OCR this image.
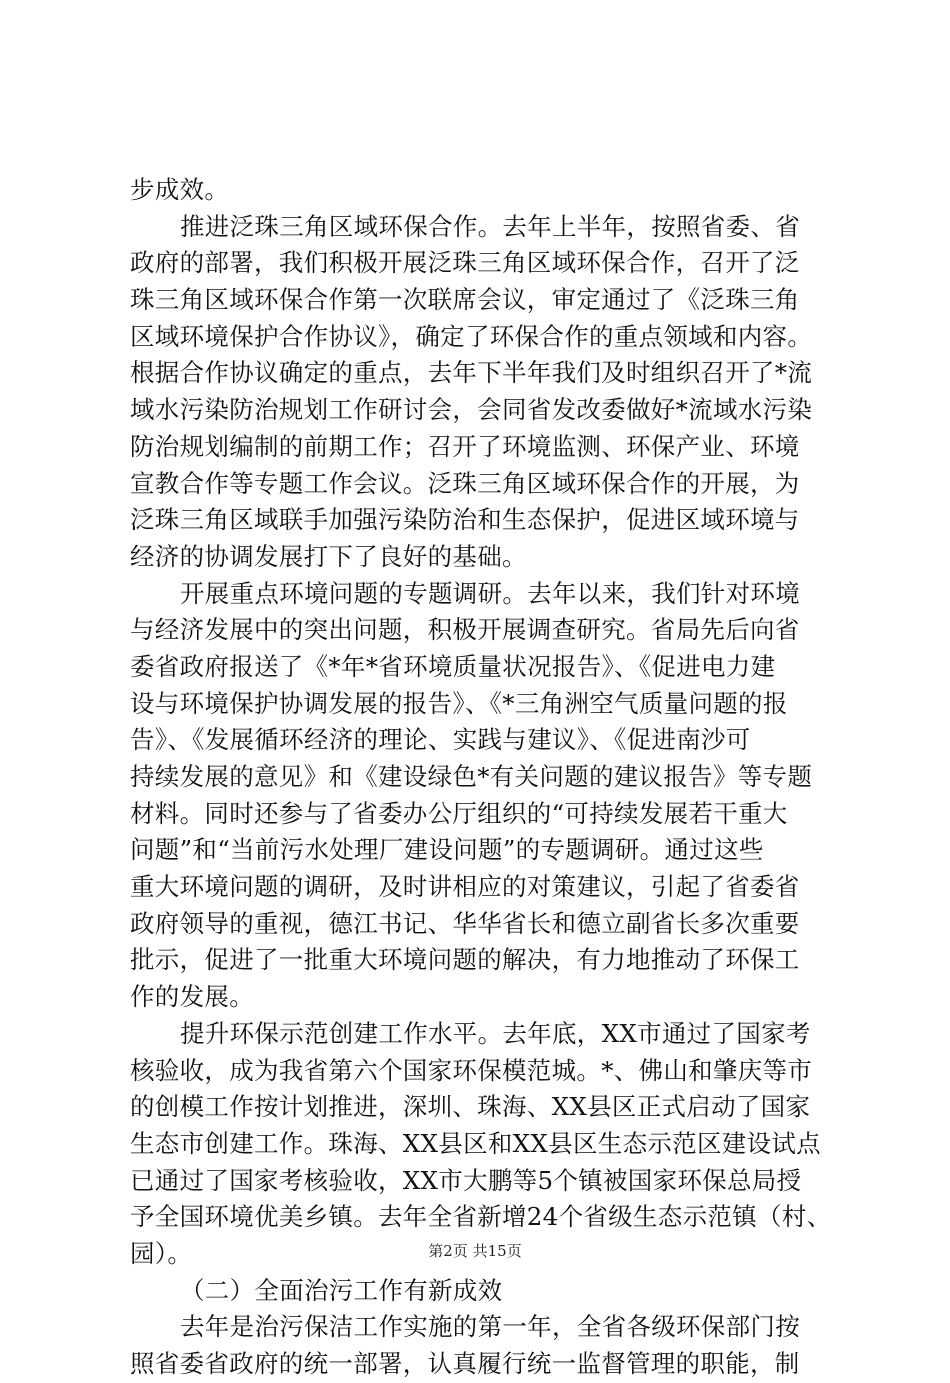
步成效。
推进泛珠三角区域环保合作。去年上半年，按照省委、省
政府的部署，我们积极开展泛珠三角区域环保合作，召开了泛
珠三角区域环保合作第一次联席会议，审定通过了《泛珠三角
区域环境保护合作协议》，确定了环保合作的重点领域和内容。
根据合作协议确定的重点，去年下半年我们及时组织召开了*流
域水污染防治规划工作研讨会，会同省发改委做好*流域水污染
防治规划编制的前期工作；召开了环境监测、环保产业、环境
宣教合作等专题工作会议。泛珠三角区域环保合作的开展，为
泛珠三角区域联手加强污染防治和生态保护，促进区域环境与
经济的协调发展打下了良好的基础。
开展重点环境问题的专题调研。去年以来，我们针对环境
与经济发展中的突出问题，积极开展调查研究。省局先后向省
委省政府报送了《*年*省环境质量状况报告》、《促进电力建
设与环境保护协调发展的报告》、《*三角洲空气质量问题的报
告》、《发展循环经济的理论、实践与建议》、《促进南沙可
持续发展的意见》和《建设绿色*有关问题的建议报告》等专题
材料。同时还参与了省委办公厅组织的“可持续发展若干重大
问题”和“当前污水处理厂建设问题”的专题调研。通过这些
重大环境问题的调研，及时讲相应的对策建议，引起了省委省
政府领导的重视，德江书记、华华省长和德立副省长多次重要
批示，促进了一批重大环境问题的解决，有力地推动了环保工
作的发展。
提升环保示范创建工作水平。去年底，XX市通过了国家考
核验收，成为我省第六个国家环保模范城。*、佛山和肇庆等市
的创模工作按计划推进，深圳、珠海、XX县区正式启动了国家
生态市创建工作。珠海、XX县区和XX县区生态示范区建设试点
已通过了国家考核验收，XX市大鹏等5个镇被国家环保总局授
予全国环境优美乡镇。去年全省新增24个省级生态示范镇（村、
园）。
（二）全面治污工作有新成效
去年是治污保洁工作实施的第一年，全省各级环保部门按
照省委省政府的统一部署，认真履行统一监督管理的职能，制
第2页 共15页
